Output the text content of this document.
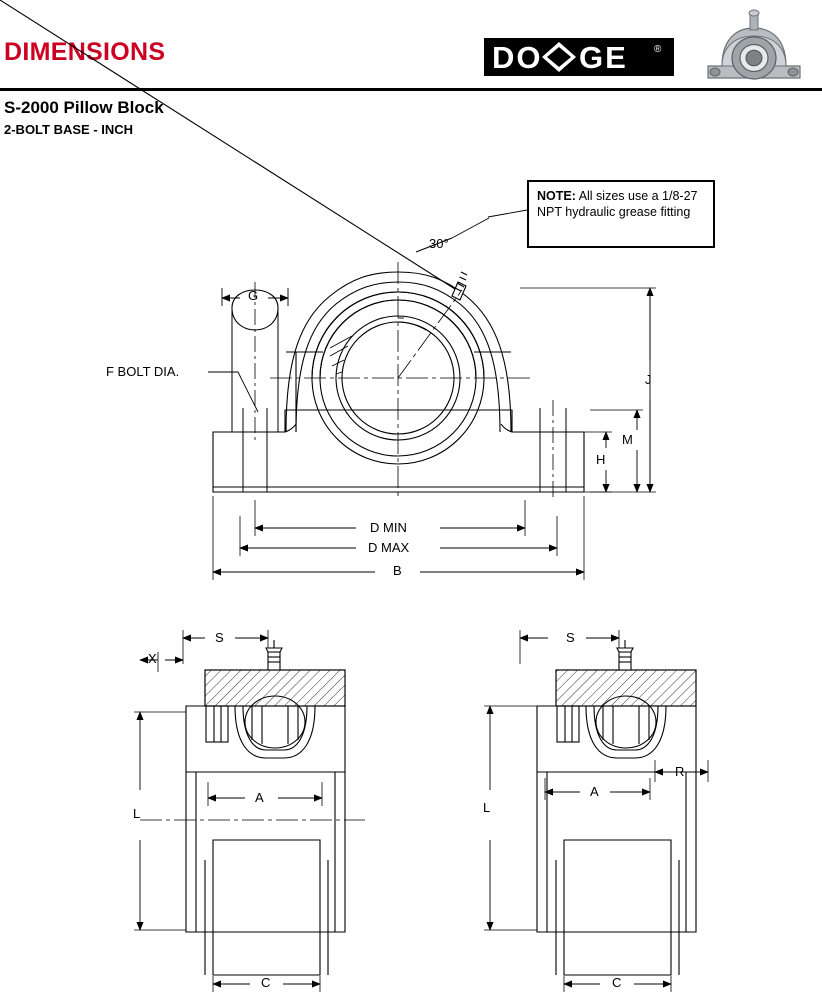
DIMENSIONS
S-2000 Pillow Block
2-BOLT BASE - INCH
DO GE	®
NOTE: All sizes use a 1/8-27 NPT hydraulic grease fitting
30°
G
F BOLT DIA.
J
M
H
D MIN
D MAX
B
S
X
A
L
C
S
A
R
L
C
